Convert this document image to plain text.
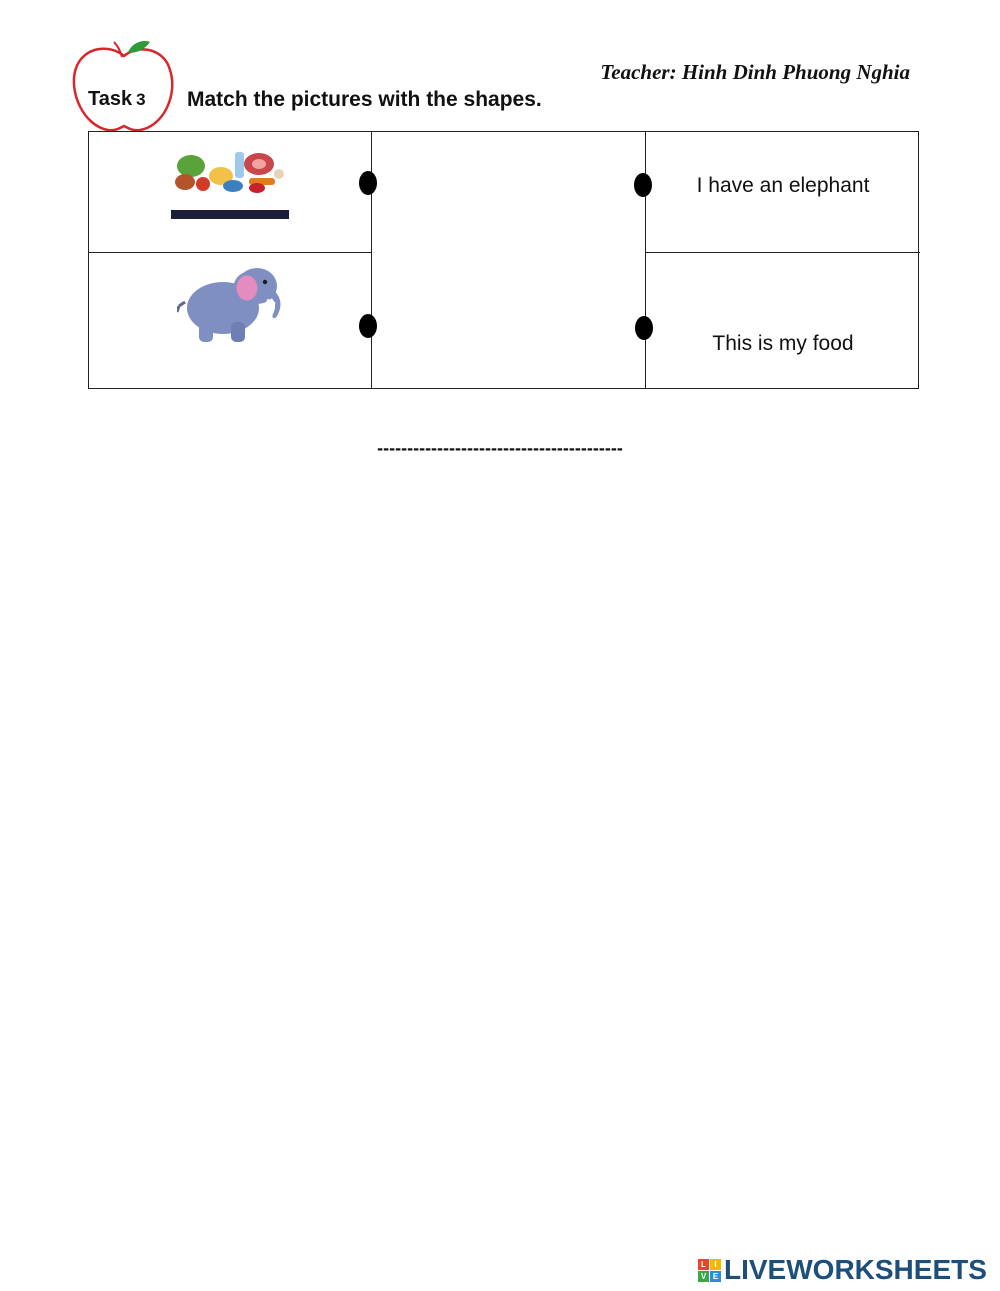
Teacher: Hinh Dinh Phuong Nghia
Task 3 Match the pictures with the shapes.
I have an elephant
This is my food
-----------------------------------------
L	I
V E LIVEWORKSHEETS
